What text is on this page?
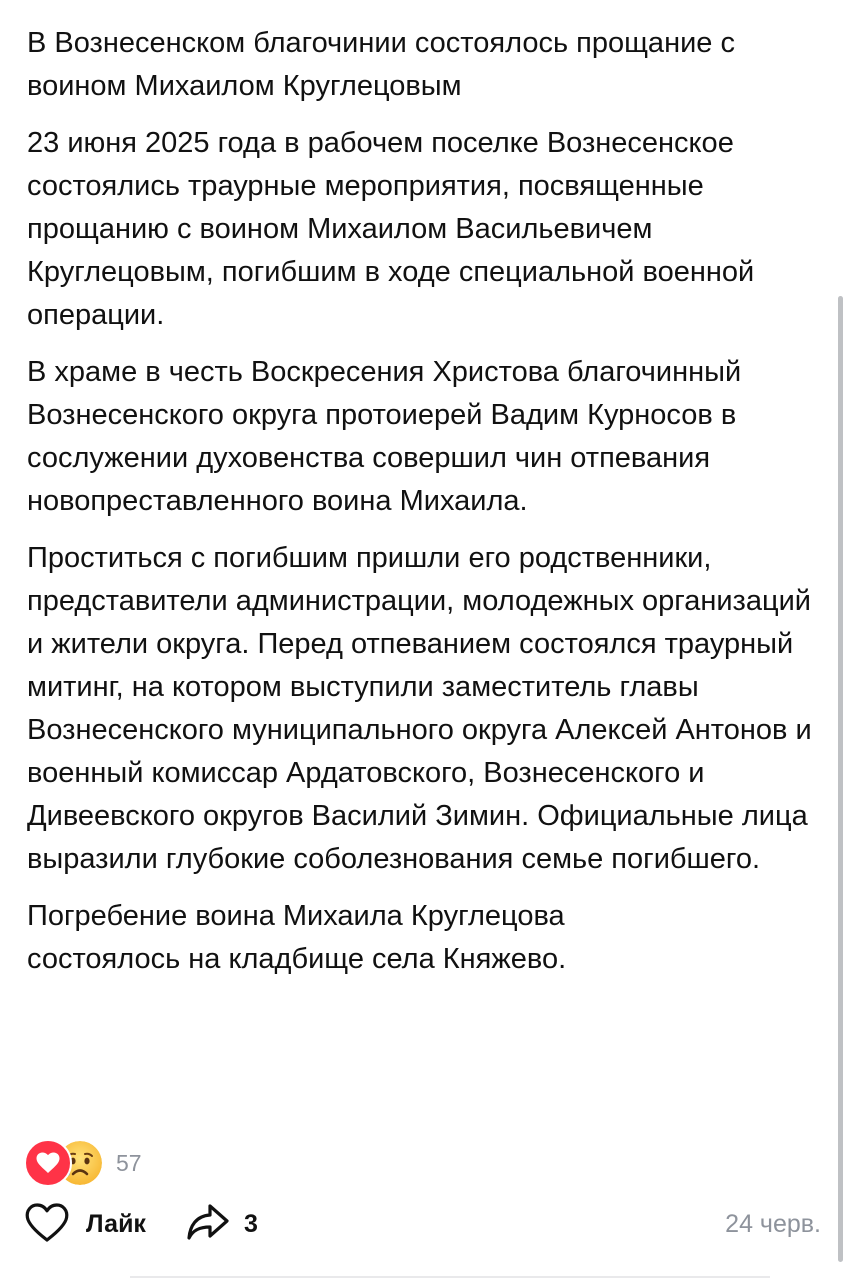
В Вознесенском благочинии состоялось прощание с воином Михаилом Круглецовым
23 июня 2025 года в рабочем поселке Вознесенское состоялись траурные мероприятия, посвященные прощанию с воином Михаилом Васильевичем Круглецовым, погибшим в ходе специальной военной операции.
В храме в честь Воскресения Христова благочинный Вознесенского округа протоиерей Вадим Курносов в сослужении духовенства совершил чин отпевания новопреставленного воина Михаила.
Проститься с погибшим пришли его родственники, представители администрации, молодежных организаций и жители округа. Перед отпеванием состоялся траурный митинг, на котором выступили заместитель главы Вознесенского муниципального округа Алексей Антонов и военный комиссар Ардатовского, Вознесенского и Дивеевского округов Василий Зимин. Официальные лица выразили глубокие соболезнования семье погибшего.
Погребение воина Михаила Круглецова состоялось на кладбище села Княжево.
57
Лайк	3	24 черв.
